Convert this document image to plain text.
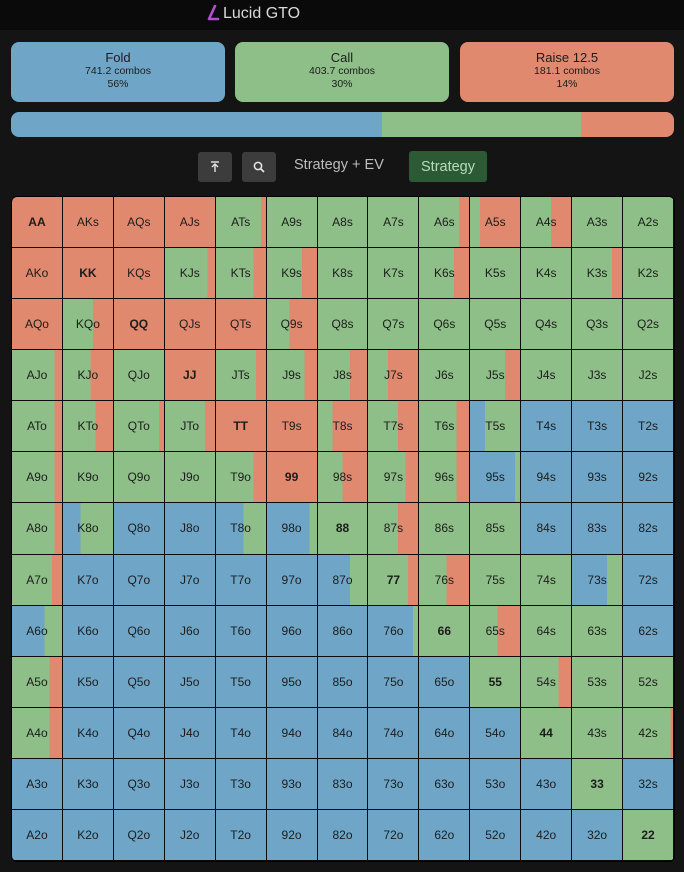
Lucid GTO
Fold
741.2 combos
56%
Call
403.7 combos
30%
Raise 12.5
181.1 combos
14%
Strategy + EV	Strategy
AA	AKs	AQs	AJs	ATs	A9s	A8s	A7s	A6s	A5s	A4s	A3s	A2s
AKo	KK	KQs	KJs	KTs	K9s	K8s	K7s	K6s	K5s	K4s	K3s	K2s
AQo	KQo	QQ	QJs	QTs	Q9s	Q8s	Q7s	Q6s	Q5s	Q4s	Q3s	Q2s
AJo	KJo	QJo	JJ	JTs	J9s	J8s	J7s	J6s	J5s	J4s	J3s	J2s
ATo	KTo	QTo	JTo	TT	T9s	T8s	T7s	T6s	T5s	T4s	T3s	T2s
A9o	K9o	Q9o	J9o	T9o	99	98s	97s	96s	95s	94s	93s	92s
A8o	K8o	Q8o	J8o	T8o	98o	88	87s	86s	85s	84s	83s	82s
A7o	K7o	Q7o	J7o	T7o	97o	87o	77	76s	75s	74s	73s	72s
A6o	K6o	Q6o	J6o	T6o	96o	86o	76o	66	65s	64s	63s	62s
A5o	K5o	Q5o	J5o	T5o	95o	85o	75o	65o	55	54s	53s	52s
A4o	K4o	Q4o	J4o	T4o	94o	84o	74o	64o	54o	44	43s	42s
A3o	K3o	Q3o	J3o	T3o	93o	83o	73o	63o	53o	43o	33	32s
A2o	K2o	Q2o	J2o	T2o	92o	82o	72o	62o	52o	42o	32o	22
